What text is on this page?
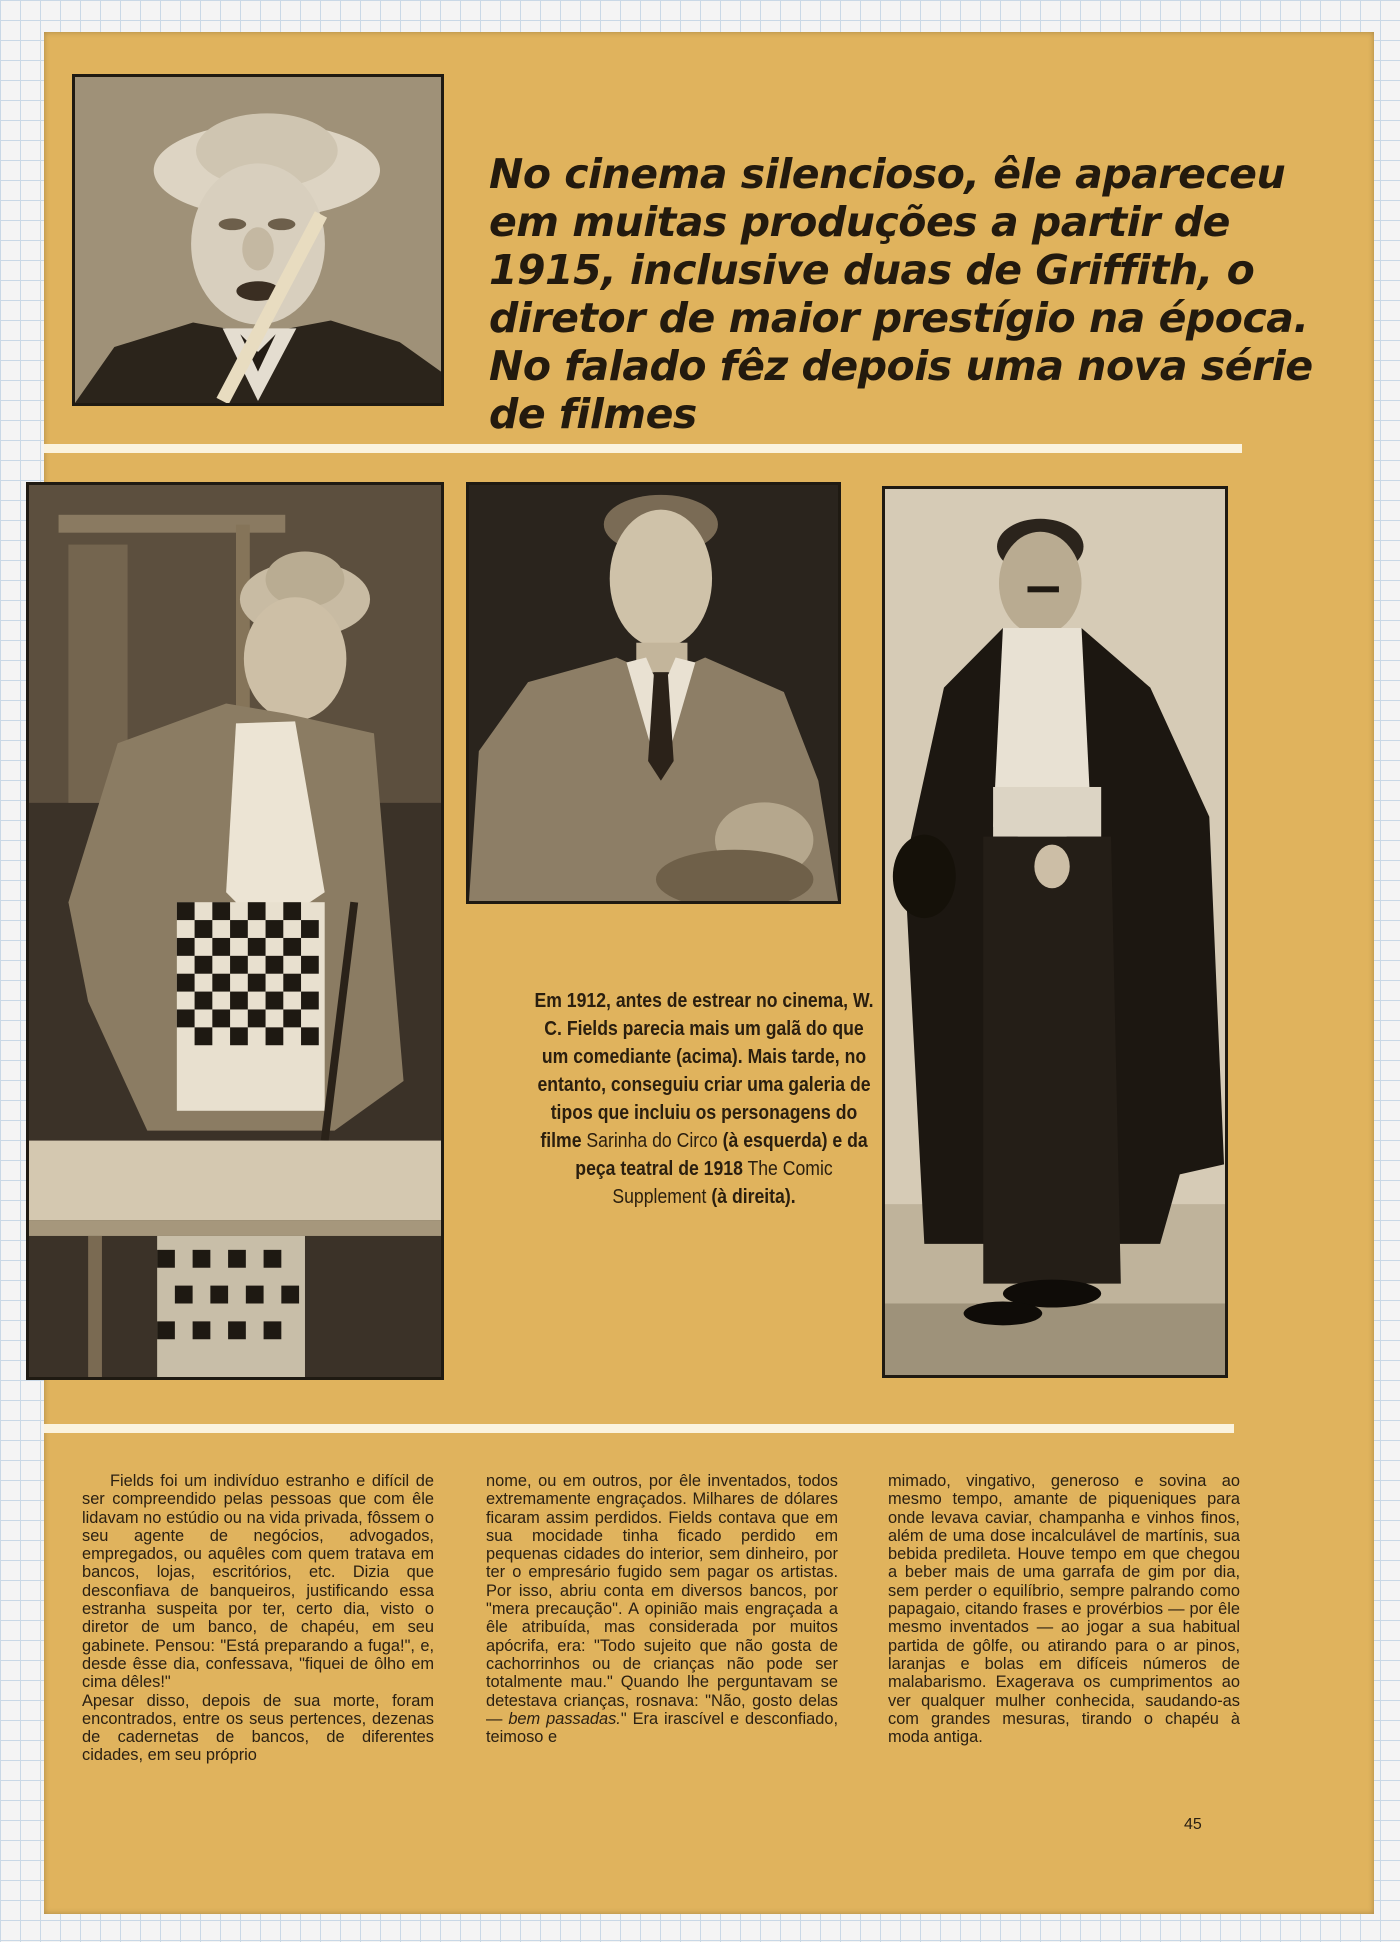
No cinema silencioso, êle apareceu em muitas produções a partir de 1915, inclusive duas de Griffith, o diretor de maior prestígio na época. No falado fêz depois uma nova série de filmes

Em 1912, antes de estrear no cinema, W. C. Fields parecia mais um galã do que um comediante (acima). Mais tarde, no entanto, conseguiu criar uma galeria de tipos que incluiu os personagens do filme Sarinha do Circo (à esquerda) e da peça teatral de 1918 The Comic Supplement (à direita).

Fields foi um indivíduo estranho e difícil de ser compreendido pelas pessoas que com êle lidavam no estúdio ou na vida privada, fôssem o seu agente de negócios, advogados, empregados, ou aquêles com quem tratava em bancos, lojas, escritórios, etc. Dizia que desconfiava de banqueiros, justificando essa estranha suspeita por ter, certo dia, visto o diretor de um banco, de chapéu, em seu gabinete. Pensou: "Está preparando a fuga!", e, desde êsse dia, confessava, "fiquei de ôlho em cima dêles!"

Apesar disso, depois de sua morte, foram encontrados, entre os seus pertences, dezenas de cadernetas de bancos, de diferentes cidades, em seu próprio

nome, ou em outros, por êle inventados, todos extremamente engraçados. Milhares de dólares ficaram assim perdidos. Fields contava que em sua mocidade tinha ficado perdido em pequenas cidades do interior, sem dinheiro, por ter o empresário fugido sem pagar os artistas. Por isso, abriu conta em diversos bancos, por "mera precaução". A opinião mais engraçada a êle atribuída, mas considerada por muitos apócrifa, era: "Todo sujeito que não gosta de cachorrinhos ou de crianças não pode ser totalmente mau." Quando lhe perguntavam se detestava crianças, rosnava: "Não, gosto delas — bem passadas." Era irascível e desconfiado, teimoso e

mimado, vingativo, generoso e sovina ao mesmo tempo, amante de piqueniques para onde levava caviar, champanha e vinhos finos, além de uma dose incalculável de martínis, sua bebida predileta. Houve tempo em que chegou a beber mais de uma garrafa de gim por dia, sem perder o equilíbrio, sempre palrando como papagaio, citando frases e provérbios — por êle mesmo inventados — ao jogar a sua habitual partida de gôlfe, ou atirando para o ar pinos, laranjas e bolas em difíceis números de malabarismo. Exagerava os cumprimentos ao ver qualquer mulher conhecida, saudando-as com grandes mesuras, tirando o chapéu à moda antiga.

45
